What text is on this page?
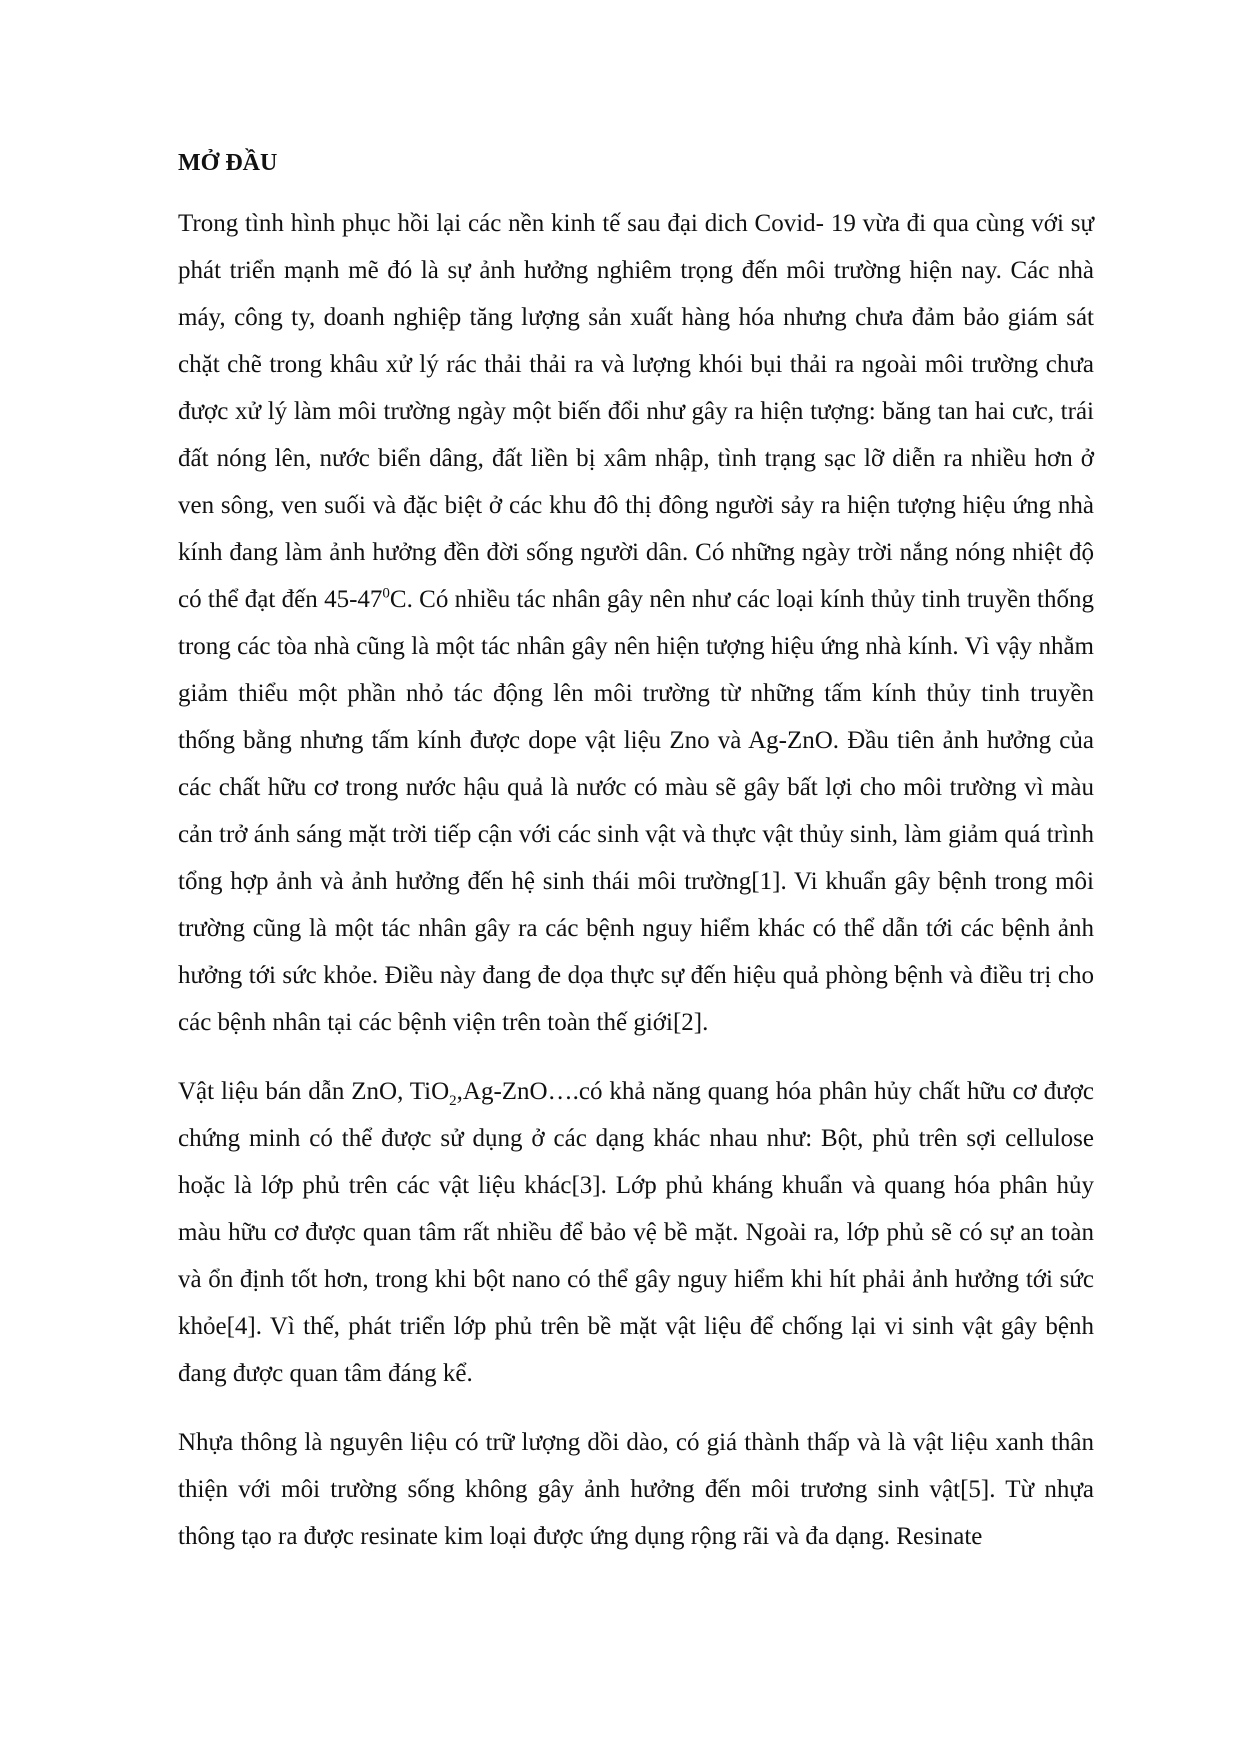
MỞ ĐẦU

Trong tình hình phục hồi lại các nền kinh tế sau đại dich Covid- 19 vừa đi qua cùng với sự phát triển mạnh mẽ đó là sự ảnh hưởng nghiêm trọng đến môi trường hiện nay. Các nhà máy, công ty, doanh nghiệp tăng lượng sản xuất hàng hóa nhưng chưa đảm bảo giám sát chặt chẽ trong khâu xử lý rác thải thải ra và lượng khói bụi thải ra ngoài môi trường chưa được xử lý làm môi trường ngày một biến đổi như gây ra hiện tượng: băng tan hai cưc, trái đất nóng lên, nước biển dâng, đất liền bị xâm nhập, tình trạng sạc lỡ diễn ra nhiều hơn ở ven sông, ven suối và đặc biệt ở các khu đô thị đông người sảy ra hiện tượng hiệu ứng nhà kính đang làm ảnh hưởng đền đời sống người dân. Có những ngày trời nắng nóng nhiệt độ có thể đạt đến $45-47^0C$. Có nhiều tác nhân gây nên như các loại kính thủy tinh truyền thống trong các tòa nhà cũng là một tác nhân gây nên hiện tượng hiệu ứng nhà kính. Vì vậy nhằm giảm thiểu một phần nhỏ tác động lên môi trường từ những tấm kính thủy tinh truyền thống bằng nhưng tấm kính được dope vật liệu Zno và Ag-ZnO. Đầu tiên ảnh hưởng của các chất hữu cơ trong nước hậu quả là nước có màu sẽ gây bất lợi cho môi trường vì màu cản trở ánh sáng mặt trời tiếp cận với các sinh vật và thực vật thủy sinh, làm giảm quá trình tổng hợp ảnh và ảnh hưởng đến hệ sinh thái môi trường[1]. Vi khuẩn gây bệnh trong môi trường cũng là một tác nhân gây ra các bệnh nguy hiểm khác có thể dẫn tới các bệnh ảnh hưởng tới sức khỏe. Điều này đang đe dọa thực sự đến hiệu quả phòng bệnh và điều trị cho các bệnh nhân tại các bệnh viện trên toàn thế giới[2].

Vật liệu bán dẫn ZnO, TiO$_2$,Ag-ZnO….có khả năng quang hóa phân hủy chất hữu cơ được chứng minh có thể được sử dụng ở các dạng khác nhau như: Bột, phủ trên sợi cellulose hoặc là lớp phủ trên các vật liệu khác[3]. Lớp phủ kháng khuẩn và quang hóa phân hủy màu hữu cơ được quan tâm rất nhiều để bảo vệ bề mặt. Ngoài ra, lớp phủ sẽ có sự an toàn và ổn định tốt hơn, trong khi bột nano có thể gây nguy hiểm khi hít phải ảnh hưởng tới sức khỏe[4]. Vì thế, phát triển lớp phủ trên bề mặt vật liệu để chống lại vi sinh vật gây bệnh đang được quan tâm đáng kể.

Nhựa thông là nguyên liệu có trữ lượng dồi dào, có giá thành thấp và là vật liệu xanh thân thiện với môi trường sống không gây ảnh hưởng đến môi trương sinh vật[5]. Từ nhựa thông tạo ra được resinate kim loại được ứng dụng rộng rãi và đa dạng. Resinate
